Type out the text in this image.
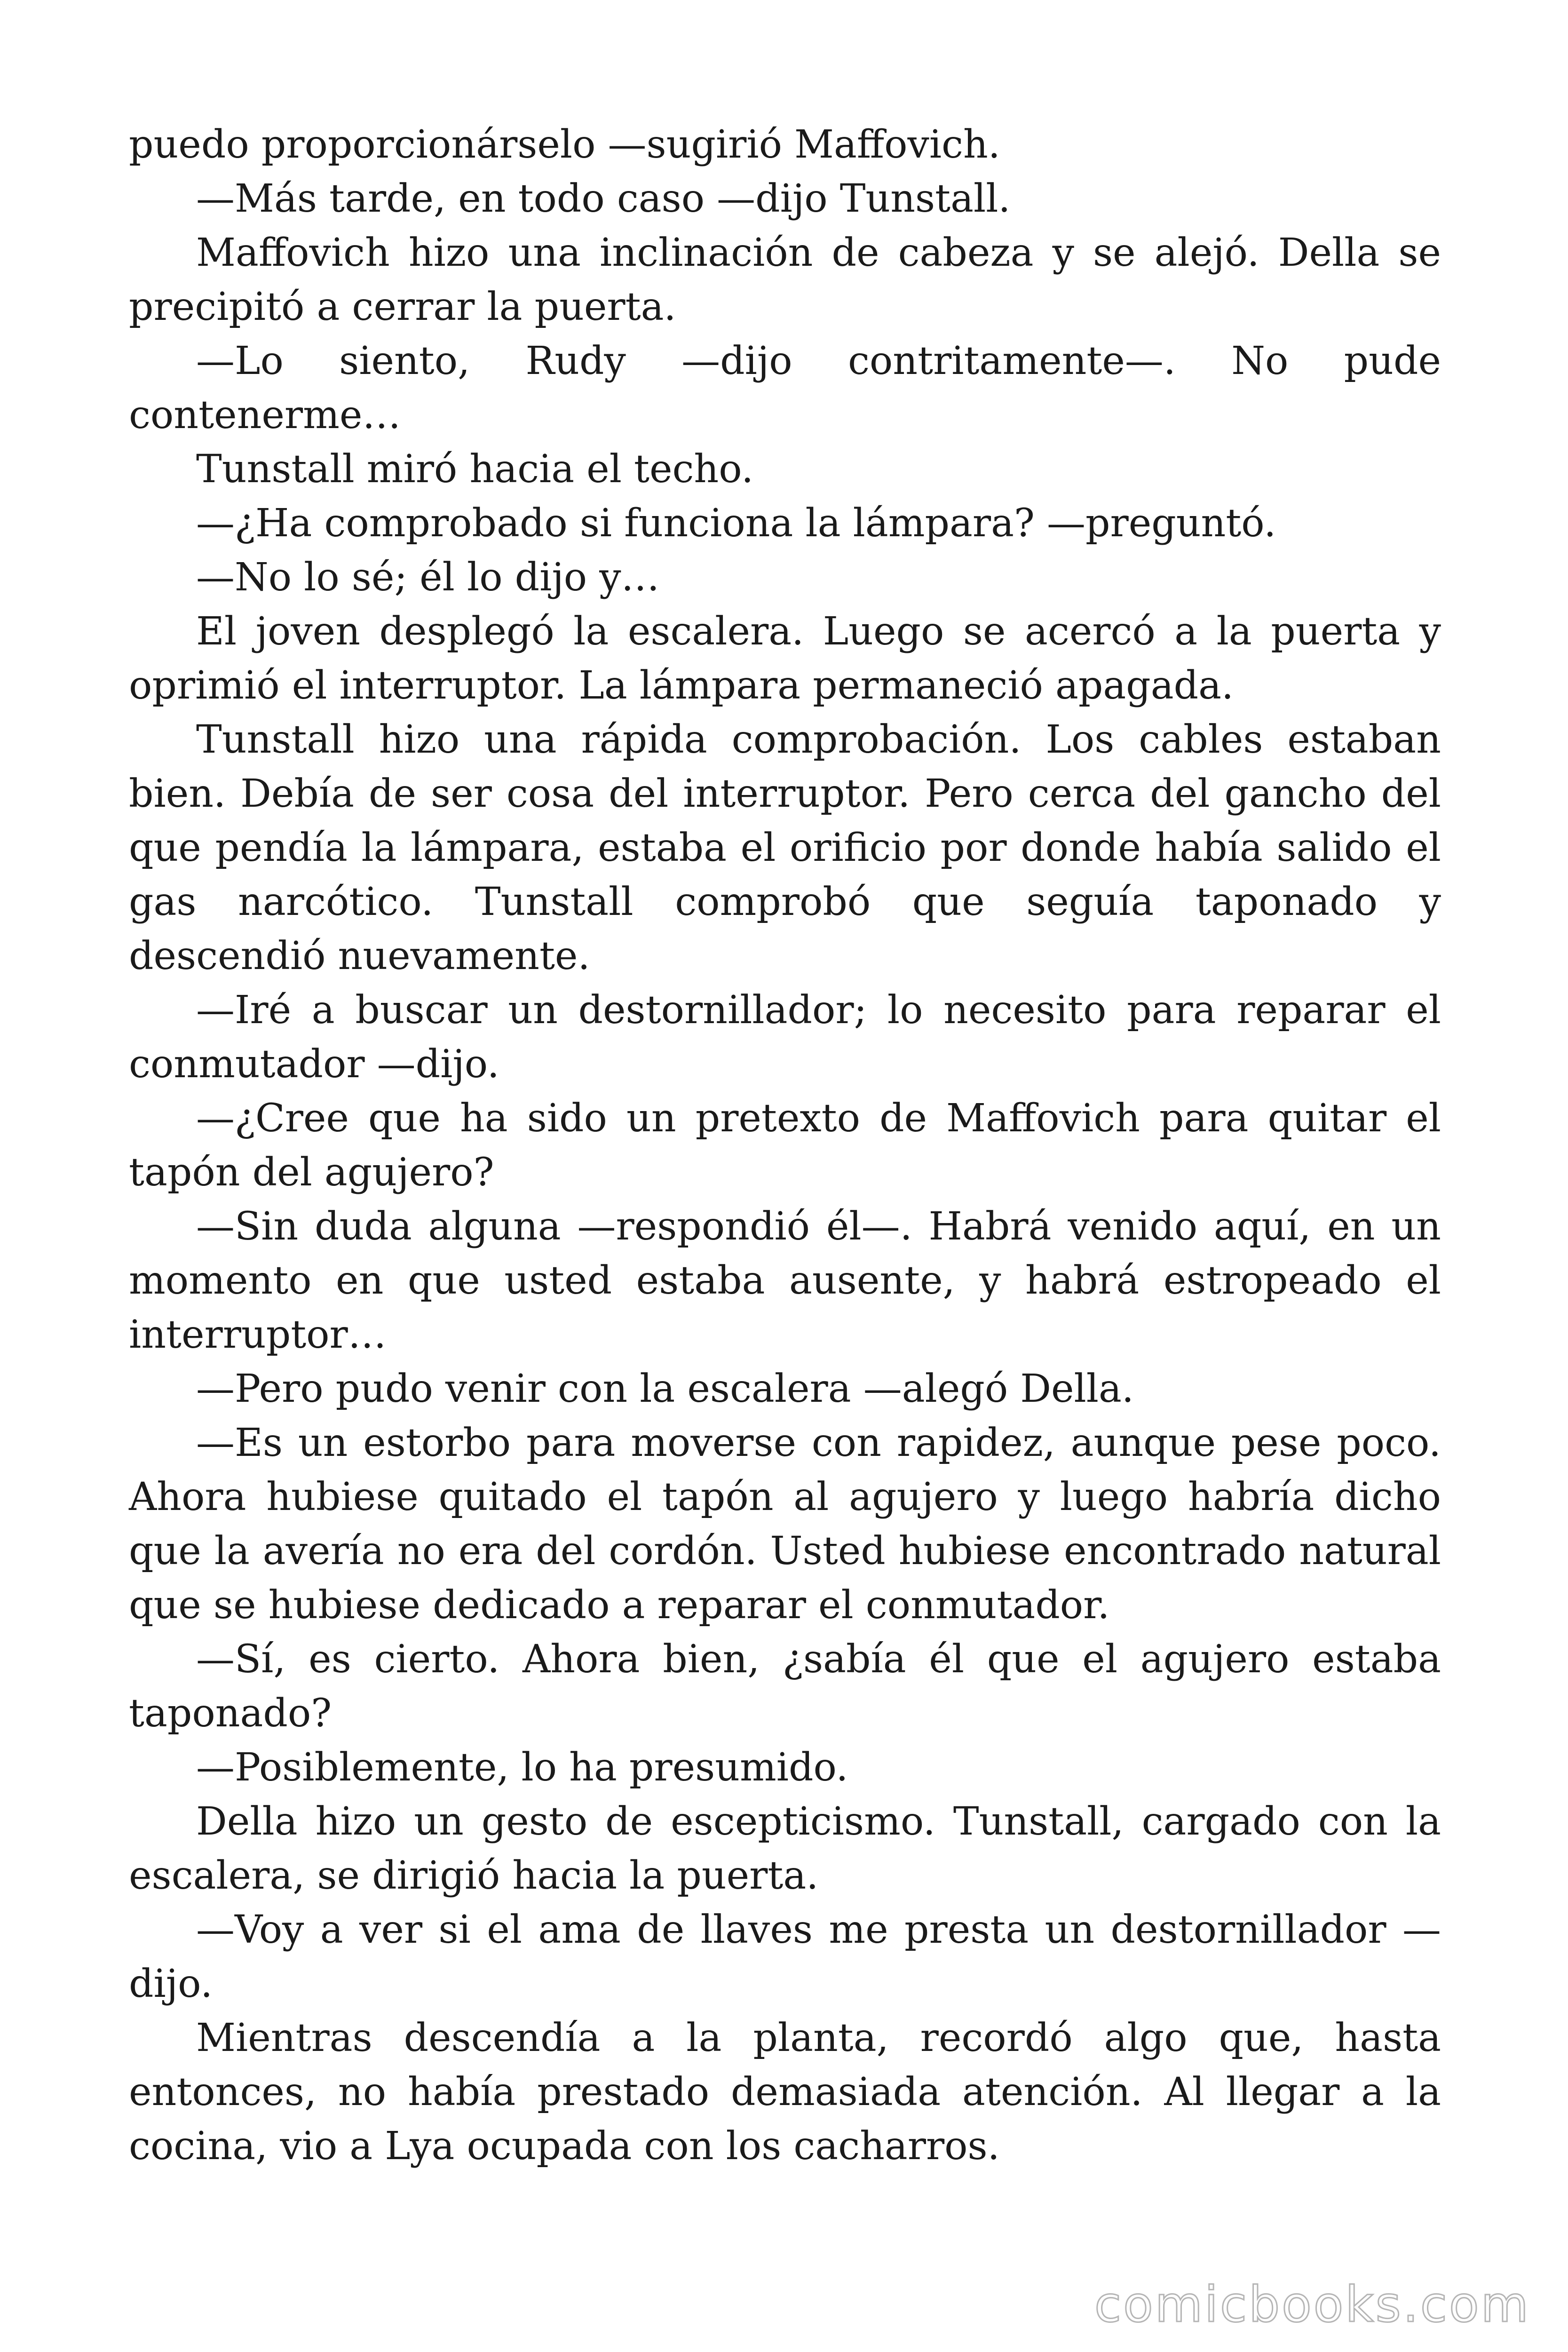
puedo proporcionárselo —sugirió Maffovich.

—Más tarde, en todo caso —dijo Tunstall.

Maffovich hizo una inclinación de cabeza y se alejó. Della se precipitó a cerrar la puerta.

—Lo siento, Rudy —dijo contritamente—. No pude contenerme…

Tunstall miró hacia el techo.

—¿Ha comprobado si funciona la lámpara? —preguntó.

—No lo sé; él lo dijo y…

El joven desplegó la escalera. Luego se acercó a la puerta y oprimió el interruptor. La lámpara permaneció apagada.

Tunstall hizo una rápida comprobación. Los cables estaban bien. Debía de ser cosa del interruptor. Pero cerca del gancho del que pendía la lámpara, estaba el orificio por donde había salido el gas narcótico. Tunstall comprobó que seguía taponado y descendió nuevamente.

—Iré a buscar un destornillador; lo necesito para reparar el conmutador —dijo.

—¿Cree que ha sido un pretexto de Maffovich para quitar el tapón del agujero?

—Sin duda alguna —respondió él—. Habrá venido aquí, en un momento en que usted estaba ausente, y habrá estropeado el interruptor…

—Pero pudo venir con la escalera —alegó Della.

—Es un estorbo para moverse con rapidez, aunque pese poco. Ahora hubiese quitado el tapón al agujero y luego habría dicho que la avería no era del cordón. Usted hubiese encontrado natural que se hubiese dedicado a reparar el conmutador.

—Sí, es cierto. Ahora bien, ¿sabía él que el agujero estaba taponado?

—Posiblemente, lo ha presumido.

Della hizo un gesto de escepticismo. Tunstall, cargado con la escalera, se dirigió hacia la puerta.

—Voy a ver si el ama de llaves me presta un destornillador —dijo.

Mientras descendía a la planta, recordó algo que, hasta entonces, no había prestado demasiada atención. Al llegar a la cocina, vio a Lya ocupada con los cacharros.

comicbooks.com
